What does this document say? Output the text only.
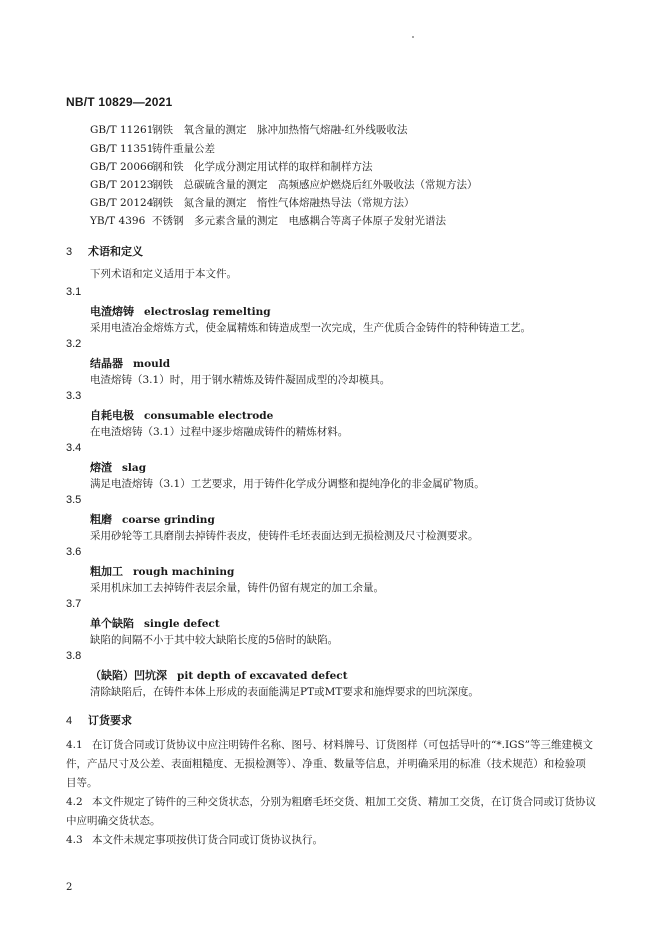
NB/T 10829—2021
GB/T 11261
钢铁　氧含量的测定　脉冲加热惰气熔融-红外线吸收法
GB/T 11351
铸件重量公差
GB/T 20066
钢和铁　化学成分测定用试样的取样和制样方法
GB/T 20123
钢铁　总碳硫含量的测定　高频感应炉燃烧后红外吸收法（常规方法）
GB/T 20124
钢铁　氮含量的测定　惰性气体熔融热导法（常规方法）
YB/T 4396 不锈钢　多元素含量的测定　电感耦合等离子体原子发射光谱法
3 术语和定义
下列术语和定义适用于本文件。
3.1
电渣熔铸 electroslag remelting
采用电渣冶金熔炼方式，使金属精炼和铸造成型一次完成，生产优质合金铸件的特种铸造工艺。
3.2
结晶器 mould
电渣熔铸（3.1）时，用于钢水精炼及铸件凝固成型的冷却模具。
3.3
自耗电极 consumable electrode
在电渣熔铸（3.1）过程中逐步熔融成铸件的精炼材料。
3.4
熔渣 slag
满足电渣熔铸（3.1）工艺要求，用于铸件化学成分调整和提纯净化的非金属矿物质。
3.5
粗磨 coarse grinding
采用砂轮等工具磨削去掉铸件表皮，使铸件毛坯表面达到无损检测及尺寸检测要求。
3.6
粗加工 rough machining
采用机床加工去掉铸件表层余量，铸件仍留有规定的加工余量。
3.7
单个缺陷 single defect
缺陷的间隔不小于其中较大缺陷长度的5倍时的缺陷。
3.8
（缺陷）凹坑深 pit depth of excavated defect
清除缺陷后，在铸件本体上形成的表面能满足PT或MT要求和施焊要求的凹坑深度。
4 订货要求
4.1 在订货合同或订货协议中应注明铸件名称、图号、材料牌号、订货图样（可包括导叶的“*.IGS”等三维建模文件，产品尺寸及公差、表面粗糙度、无损检测等）、净重、数量等信息，并明确采用的标准（技术规范）和检验项目等。
4.2 本文件规定了铸件的三种交货状态，分别为粗磨毛坯交货、粗加工交货、精加工交货，在订货合同或订货协议中应明确交货状态。
4.3 本文件未规定事项按供订货合同或订货协议执行。
2
